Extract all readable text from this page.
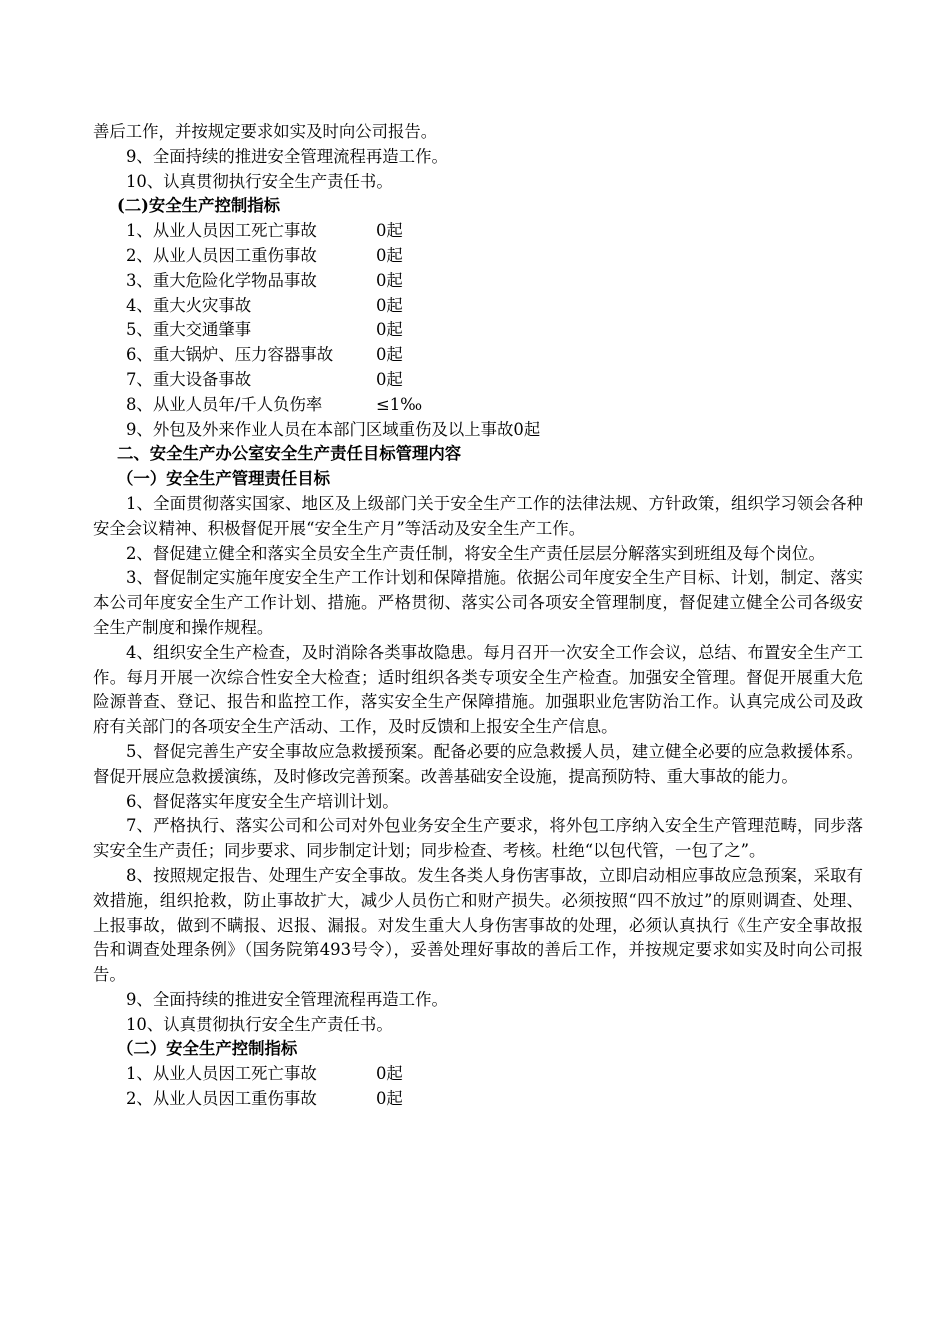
善后工作，并按规定要求如实及时向公司报告。
9、全面持续的推进安全管理流程再造工作。
10、认真贯彻执行安全生产责任书。
(二)安全生产控制指标
1、从业人员因工死亡事故	0起
2、从业人员因工重伤事故	0起
3、重大危险化学物品事故	0起
4、重大火灾事故	0起
5、重大交通肇事	0起
6、重大锅炉、压力容器事故	0起
7、重大设备事故	0起
8、从业人员年/千人负伤率	≤1‰
9、外包及外来作业人员在本部门区域重伤及以上事故0起
二、安全生产办公室安全生产责任目标管理内容
（一）安全生产管理责任目标
1、全面贯彻落实国家、地区及上级部门关于安全生产工作的法律法规、方针政策，组织学习领会各种安全会议精神、积极督促开展“安全生产月”等活动及安全生产工作。
2、督促建立健全和落实全员安全生产责任制，将安全生产责任层层分解落实到班组及每个岗位。
3、督促制定实施年度安全生产工作计划和保障措施。依据公司年度安全生产目标、计划，制定、落实本公司年度安全生产工作计划、措施。严格贯彻、落实公司各项安全管理制度，督促建立健全公司各级安全生产制度和操作规程。
4、组织安全生产检查，及时消除各类事故隐患。每月召开一次安全工作会议，总结、布置安全生产工作。每月开展一次综合性安全大检查；适时组织各类专项安全生产检查。加强安全管理。督促开展重大危险源普查、登记、报告和监控工作，落实安全生产保障措施。加强职业危害防治工作。认真完成公司及政府有关部门的各项安全生产活动、工作，及时反馈和上报安全生产信息。
5、督促完善生产安全事故应急救援预案。配备必要的应急救援人员，建立健全必要的应急救援体系。督促开展应急救援演练，及时修改完善预案。改善基础安全设施，提高预防特、重大事故的能力。
6、督促落实年度安全生产培训计划。
7、严格执行、落实公司和公司对外包业务安全生产要求，将外包工序纳入安全生产管理范畴，同步落实安全生产责任；同步要求、同步制定计划；同步检查、考核。杜绝“以包代管，一包了之”。
8、按照规定报告、处理生产安全事故。发生各类人身伤害事故，立即启动相应事故应急预案，采取有效措施，组织抢救，防止事故扩大，减少人员伤亡和财产损失。必须按照“四不放过”的原则调查、处理、上报事故，做到不瞒报、迟报、漏报。对发生重大人身伤害事故的处理，必须认真执行《生产安全事故报告和调查处理条例》（国务院第493号令），妥善处理好事故的善后工作，并按规定要求如实及时向公司报告。
9、全面持续的推进安全管理流程再造工作。
10、认真贯彻执行安全生产责任书。
（二）安全生产控制指标
1、从业人员因工死亡事故	0起
2、从业人员因工重伤事故	0起
